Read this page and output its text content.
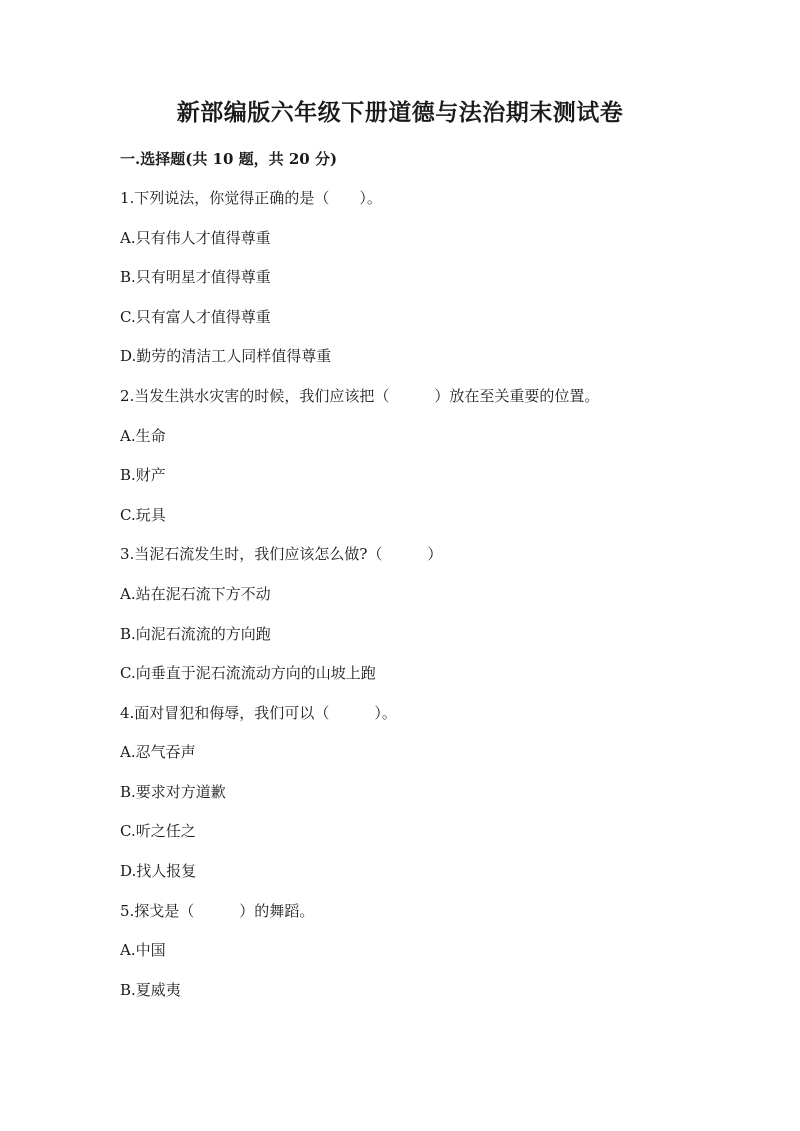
新部编版六年级下册道德与法治期末测试卷
一.选择题(共 10 题，共 20 分)
1.下列说法，你觉得正确的是（　　）。
A.只有伟人才值得尊重
B.只有明星才值得尊重
C.只有富人才值得尊重
D.勤劳的清洁工人同样值得尊重
2.当发生洪水灾害的时候，我们应该把（　　　）放在至关重要的位置。
A.生命
B.财产
C.玩具
3.当泥石流发生时，我们应该怎么做?（　　　）
A.站在泥石流下方不动
B.向泥石流流的方向跑
C.向垂直于泥石流流动方向的山坡上跑
4.面对冒犯和侮辱，我们可以（　　　）。
A.忍气吞声
B.要求对方道歉
C.听之任之
D.找人报复
5.探戈是（　　　）的舞蹈。
A.中国
B.夏威夷
